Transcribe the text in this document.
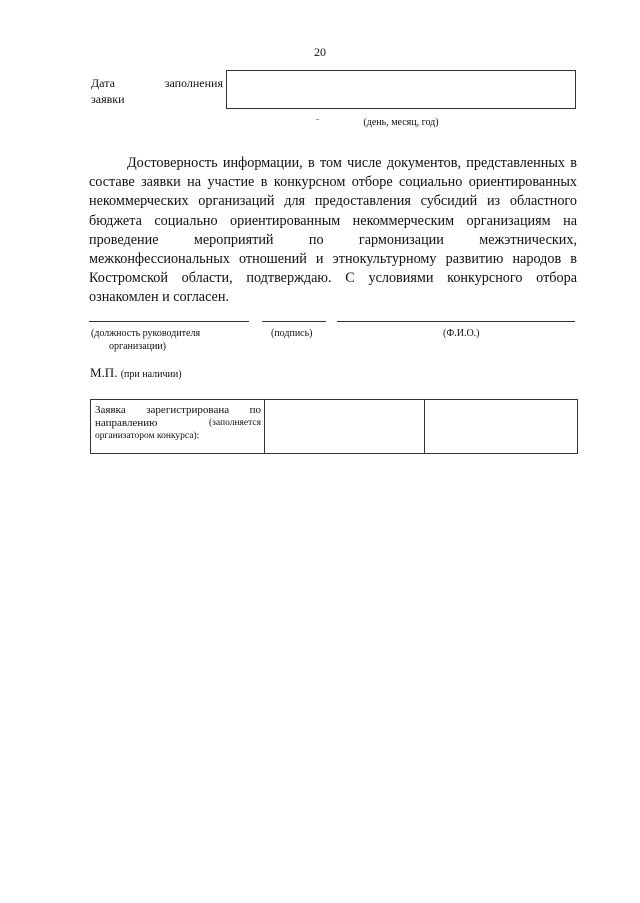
20
Дата	заполнения
заявки
(день, месяц, год)

Достоверность информации, в том числе документов, представленных в составе заявки на участие в конкурсном отборе социально ориентированных некоммерческих организаций для предоставления субсидий из областного бюджета социально ориентированным некоммерческим организациям на проведение мероприятий по гармонизации межэтнических, межконфессиональных отношений и этнокультурному развитию народов в Костромской области, подтверждаю. С условиями конкурсного отбора ознакомлен и согласен.

(должность руководителя
организации)
(подпись)	(Ф.И.О.)
М.П. (при наличии)
Заявка зарегистрирована по
направлению	(заполняется
организатором конкурса):
